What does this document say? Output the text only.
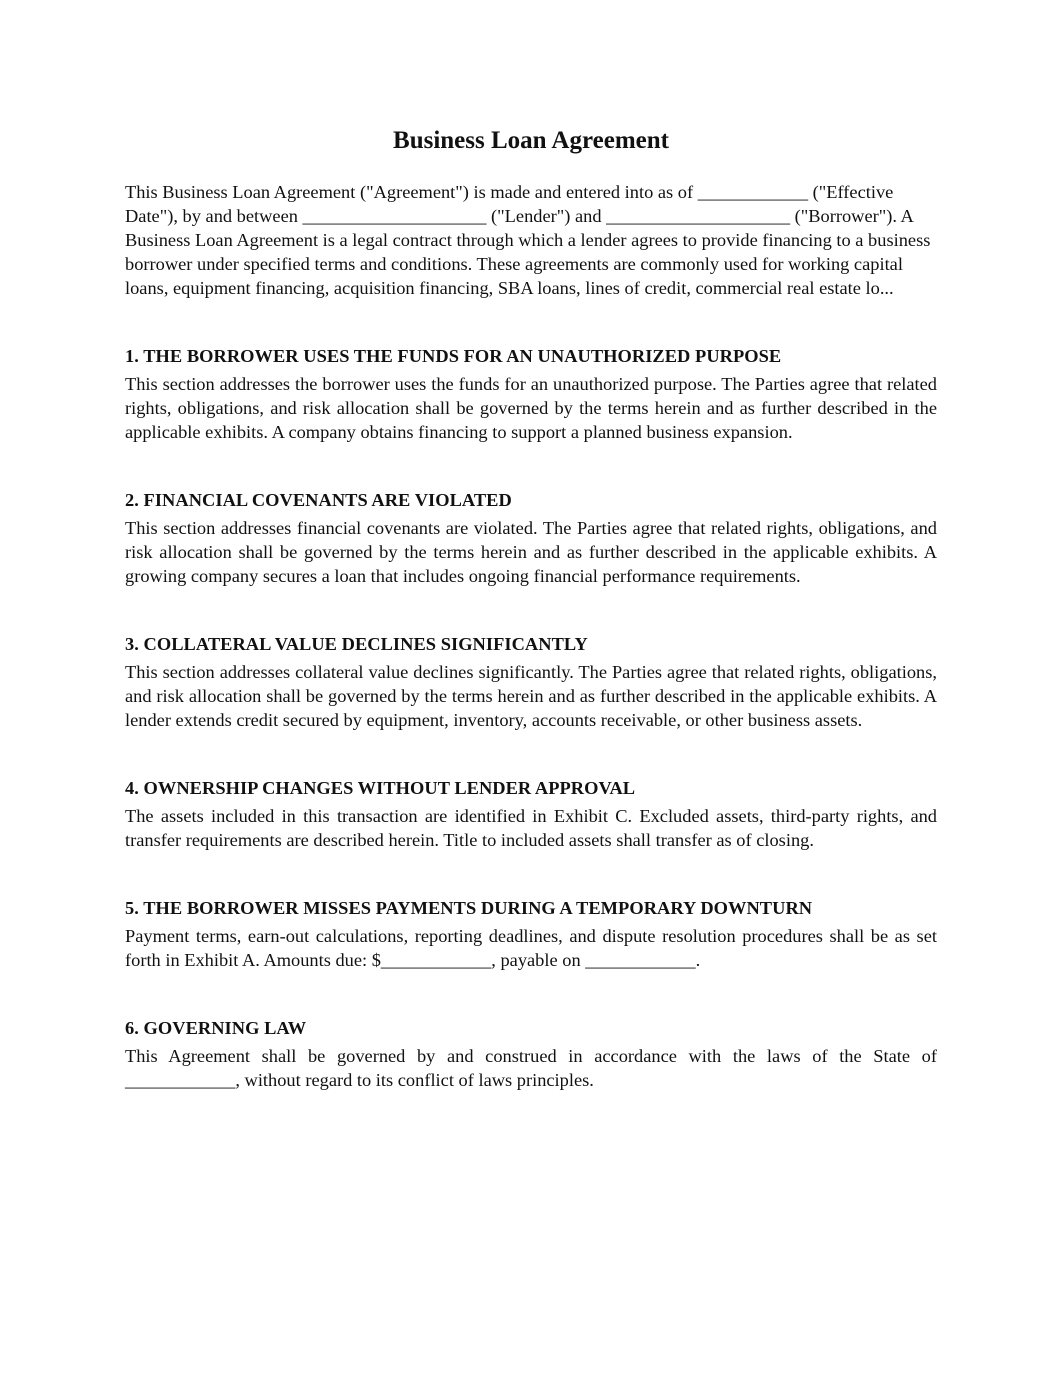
Business Loan Agreement

This Business Loan Agreement ("Agreement") is made and entered into as of ____________ ("Effective Date"), by and between ____________________ ("Lender") and ____________________ ("Borrower"). A Business Loan Agreement is a legal contract through which a lender agrees to provide financing to a business borrower under specified terms and conditions. These agreements are commonly used for working capital loans, equipment financing, acquisition financing, SBA loans, lines of credit, commercial real estate lo...

1. THE BORROWER USES THE FUNDS FOR AN UNAUTHORIZED PURPOSE

This section addresses the borrower uses the funds for an unauthorized purpose. The Parties agree that related rights, obligations, and risk allocation shall be governed by the terms herein and as further described in the applicable exhibits. A company obtains financing to support a planned business expansion.

2. FINANCIAL COVENANTS ARE VIOLATED

This section addresses financial covenants are violated. The Parties agree that related rights, obligations, and risk allocation shall be governed by the terms herein and as further described in the applicable exhibits. A growing company secures a loan that includes ongoing financial performance requirements.

3. COLLATERAL VALUE DECLINES SIGNIFICANTLY

This section addresses collateral value declines significantly. The Parties agree that related rights, obligations, and risk allocation shall be governed by the terms herein and as further described in the applicable exhibits. A lender extends credit secured by equipment, inventory, accounts receivable, or other business assets.

4. OWNERSHIP CHANGES WITHOUT LENDER APPROVAL

The assets included in this transaction are identified in Exhibit C. Excluded assets, third-party rights, and transfer requirements are described herein. Title to included assets shall transfer as of closing.

5. THE BORROWER MISSES PAYMENTS DURING A TEMPORARY DOWNTURN

Payment terms, earn-out calculations, reporting deadlines, and dispute resolution procedures shall be as set forth in Exhibit A. Amounts due: $____________, payable on ____________.

6. GOVERNING LAW

This Agreement shall be governed by and construed in accordance with the laws of the State of ____________, without regard to its conflict of laws principles.
